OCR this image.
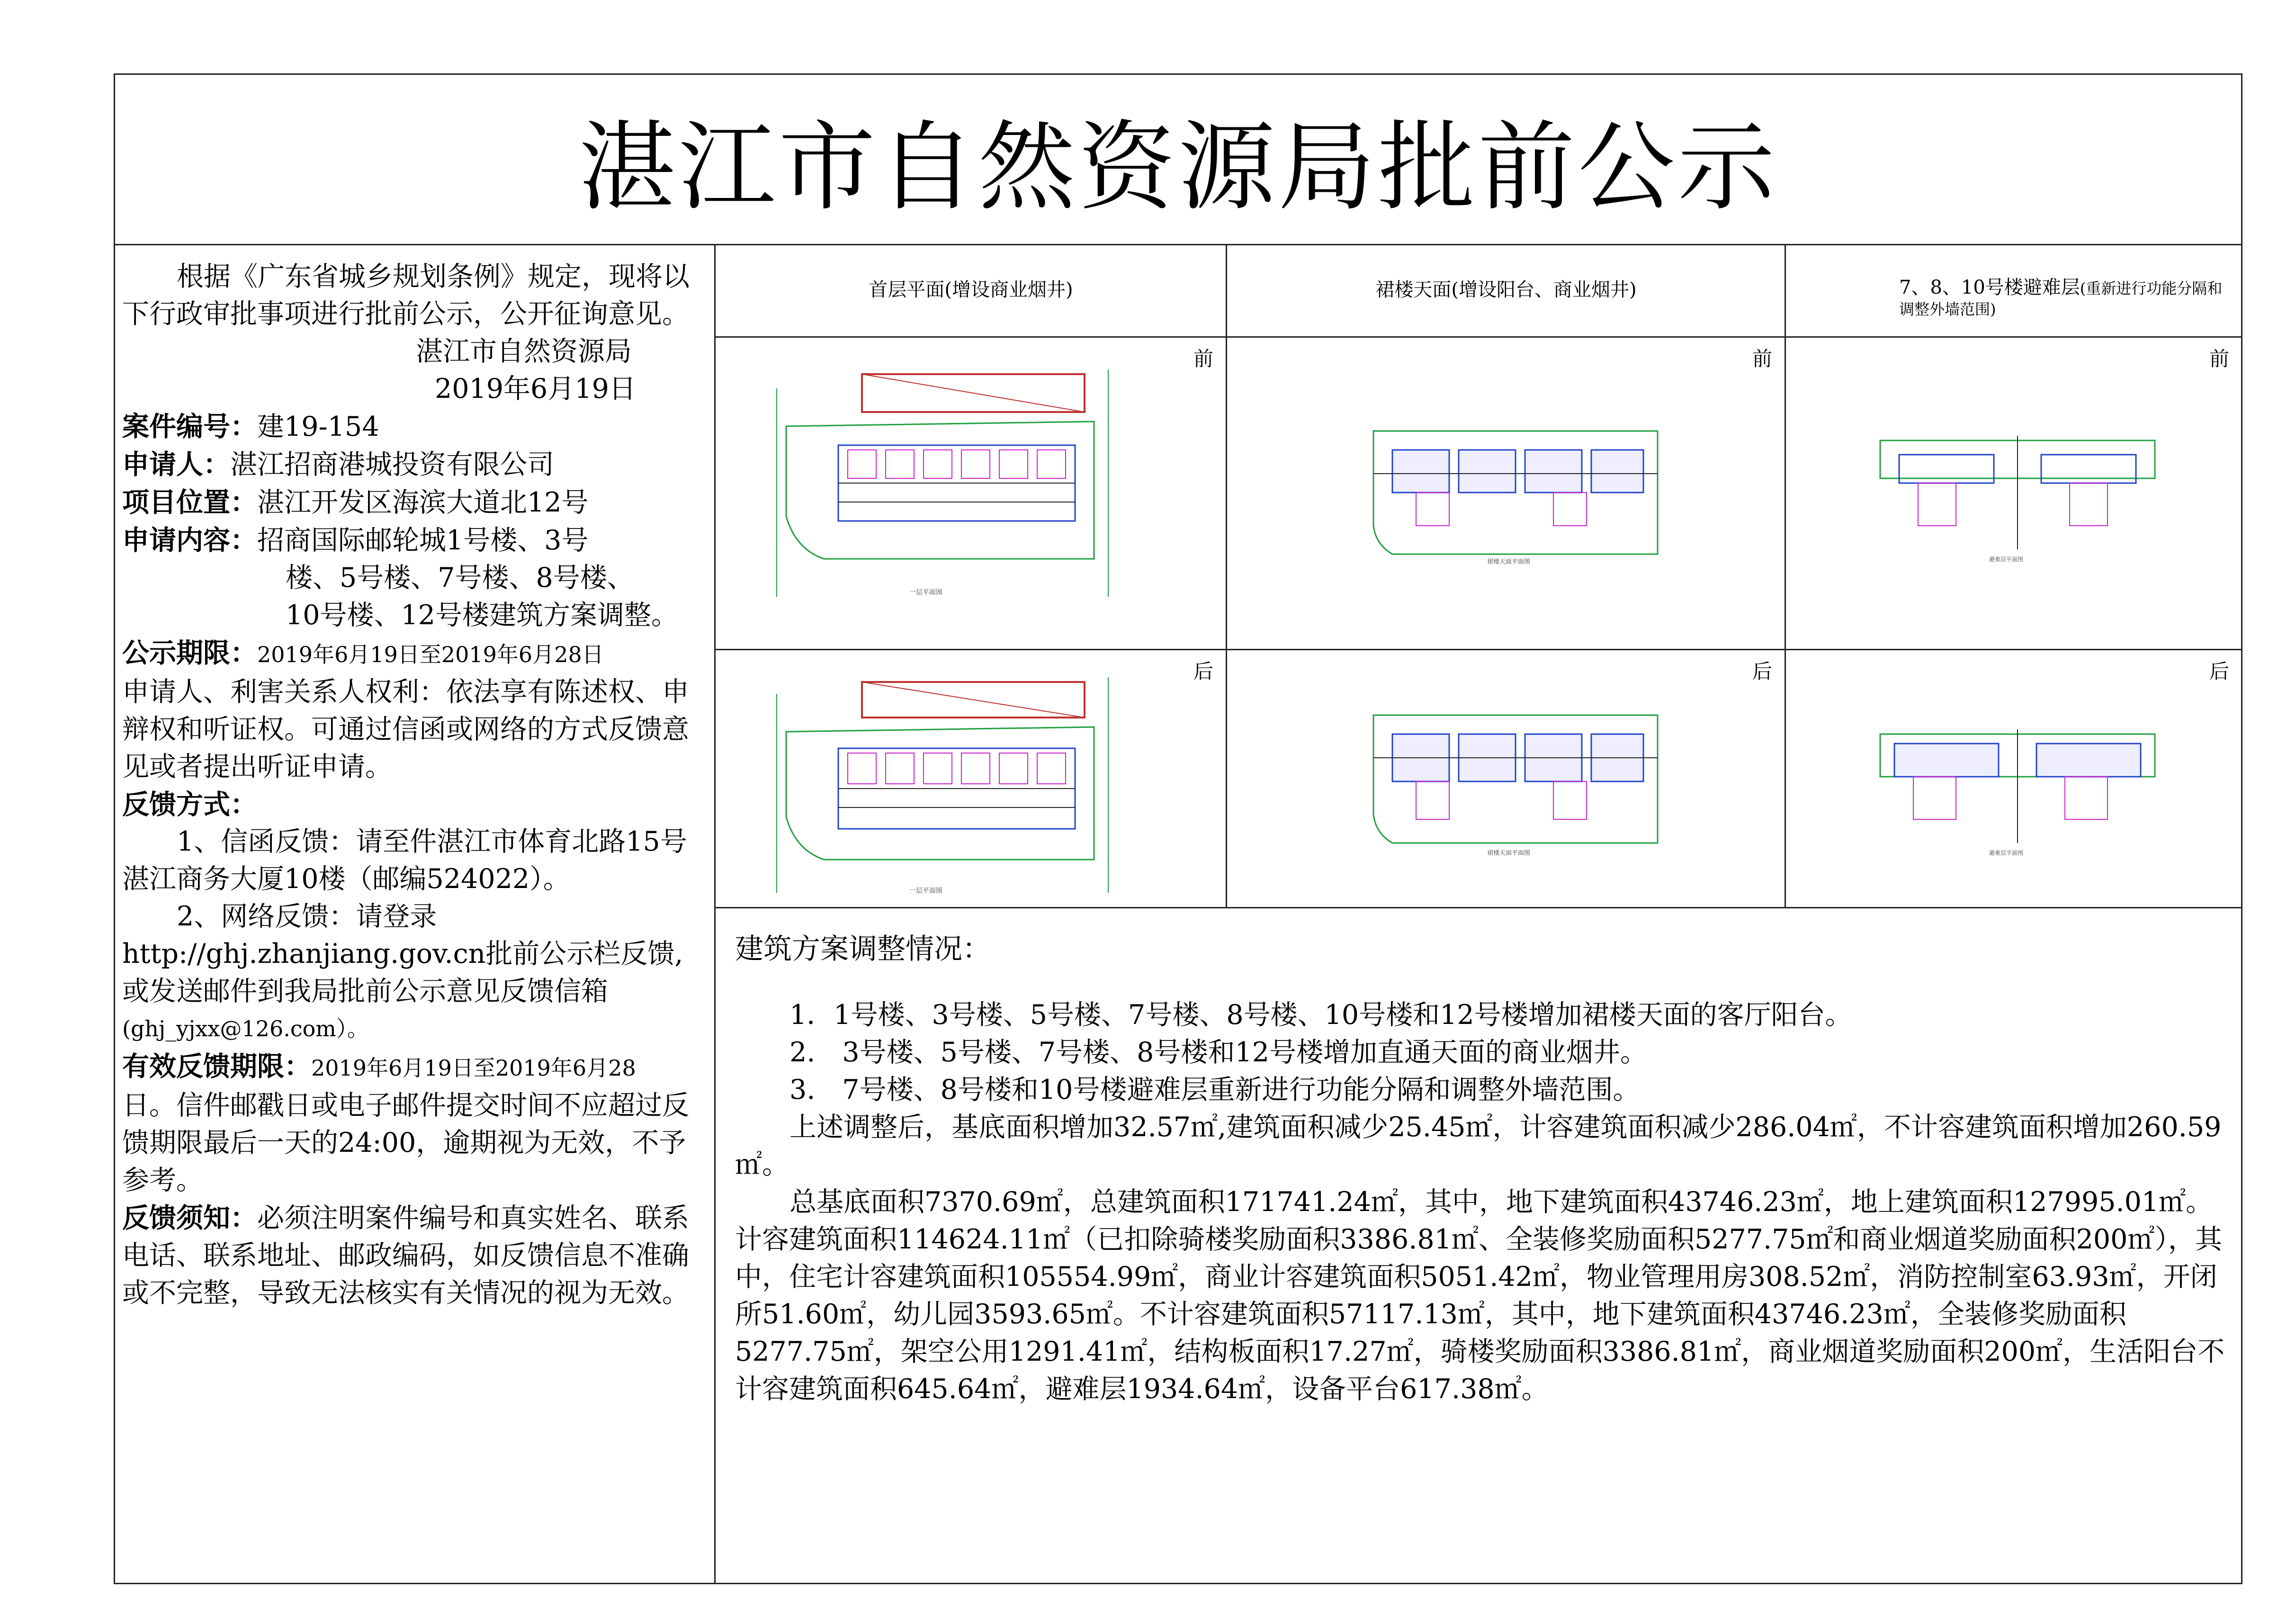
湛江市自然资源局批前公示

根据《广东省城乡规划条例》规定，现将以下行政审批事项进行批前公示，公开征询意见。

湛江市自然资源局

2019年6月19日

案件编号：建19-154

申请人：湛江招商港城投资有限公司

项目位置：湛江开发区海滨大道北12号

申请内容：招商国际邮轮城1号楼、3号

楼、5号楼、7号楼、8号楼、

10号楼、12号楼建筑方案调整。

公示期限：2019年6月19日至2019年6月28日

申请人、利害关系人权利：依法享有陈述权、申辩权和听证权。可通过信函或网络的方式反馈意见或者提出听证申请。

反馈方式：

1、信函反馈：请至件湛江市体育北路15号湛江商务大厦10楼（邮编524022）。

2、网络反馈：请登录

http://ghj.zhanjiang.gov.cn批前公示栏反馈,或发送邮件到我局批前公示意见反馈信箱

(ghj_yjxx@126.com）。

有效反馈期限：2019年6月19日至2019年6月28

日。信件邮戳日或电子邮件提交时间不应超过反馈期限最后一天的24:00，逾期视为无效，不予参考。

反馈须知：必须注明案件编号和真实姓名、联系电话、联系地址、邮政编码，如反馈信息不准确或不完整，导致无法核实有关情况的视为无效。

首层平面(增设商业烟井)	裙楼天面(增设阳台、商业烟井)	7、8、10号楼避难层(重新进行功能分隔和调整外墙范围)
前	前	前
后	后	后
一层平面图
一层平面图
裙楼天面平面图
裙楼天面平面图
避难层平面图
避难层平面图

建筑方案调整情况：

1．1号楼、3号楼、5号楼、7号楼、8号楼、10号楼和12号楼增加裙楼天面的客厅阳台。

2.　3号楼、5号楼、7号楼、8号楼和12号楼增加直通天面的商业烟井。

3.　7号楼、8号楼和10号楼避难层重新进行功能分隔和调整外墙范围。

上述调整后，基底面积增加32.57㎡,建筑面积减少25.45㎡，计容建筑面积减少286.04㎡，不计容建筑面积增加260.59㎡。

总基底面积7370.69㎡，总建筑面积171741.24㎡，其中，地下建筑面积43746.23㎡，地上建筑面积127995.01㎡。计容建筑面积114624.11㎡（已扣除骑楼奖励面积3386.81㎡、全装修奖励面积5277.75㎡和商业烟道奖励面积200㎡），其中，住宅计容建筑面积105554.99㎡，商业计容建筑面积5051.42㎡，物业管理用房308.52㎡，消防控制室63.93㎡，开闭所51.60㎡，幼儿园3593.65㎡。不计容建筑面积57117.13㎡，其中，地下建筑面积43746.23㎡，全装修奖励面积5277.75㎡，架空公用1291.41㎡，结构板面积17.27㎡，骑楼奖励面积3386.81㎡，商业烟道奖励面积200㎡，生活阳台不计容建筑面积645.64㎡，避难层1934.64㎡，设备平台617.38㎡。
